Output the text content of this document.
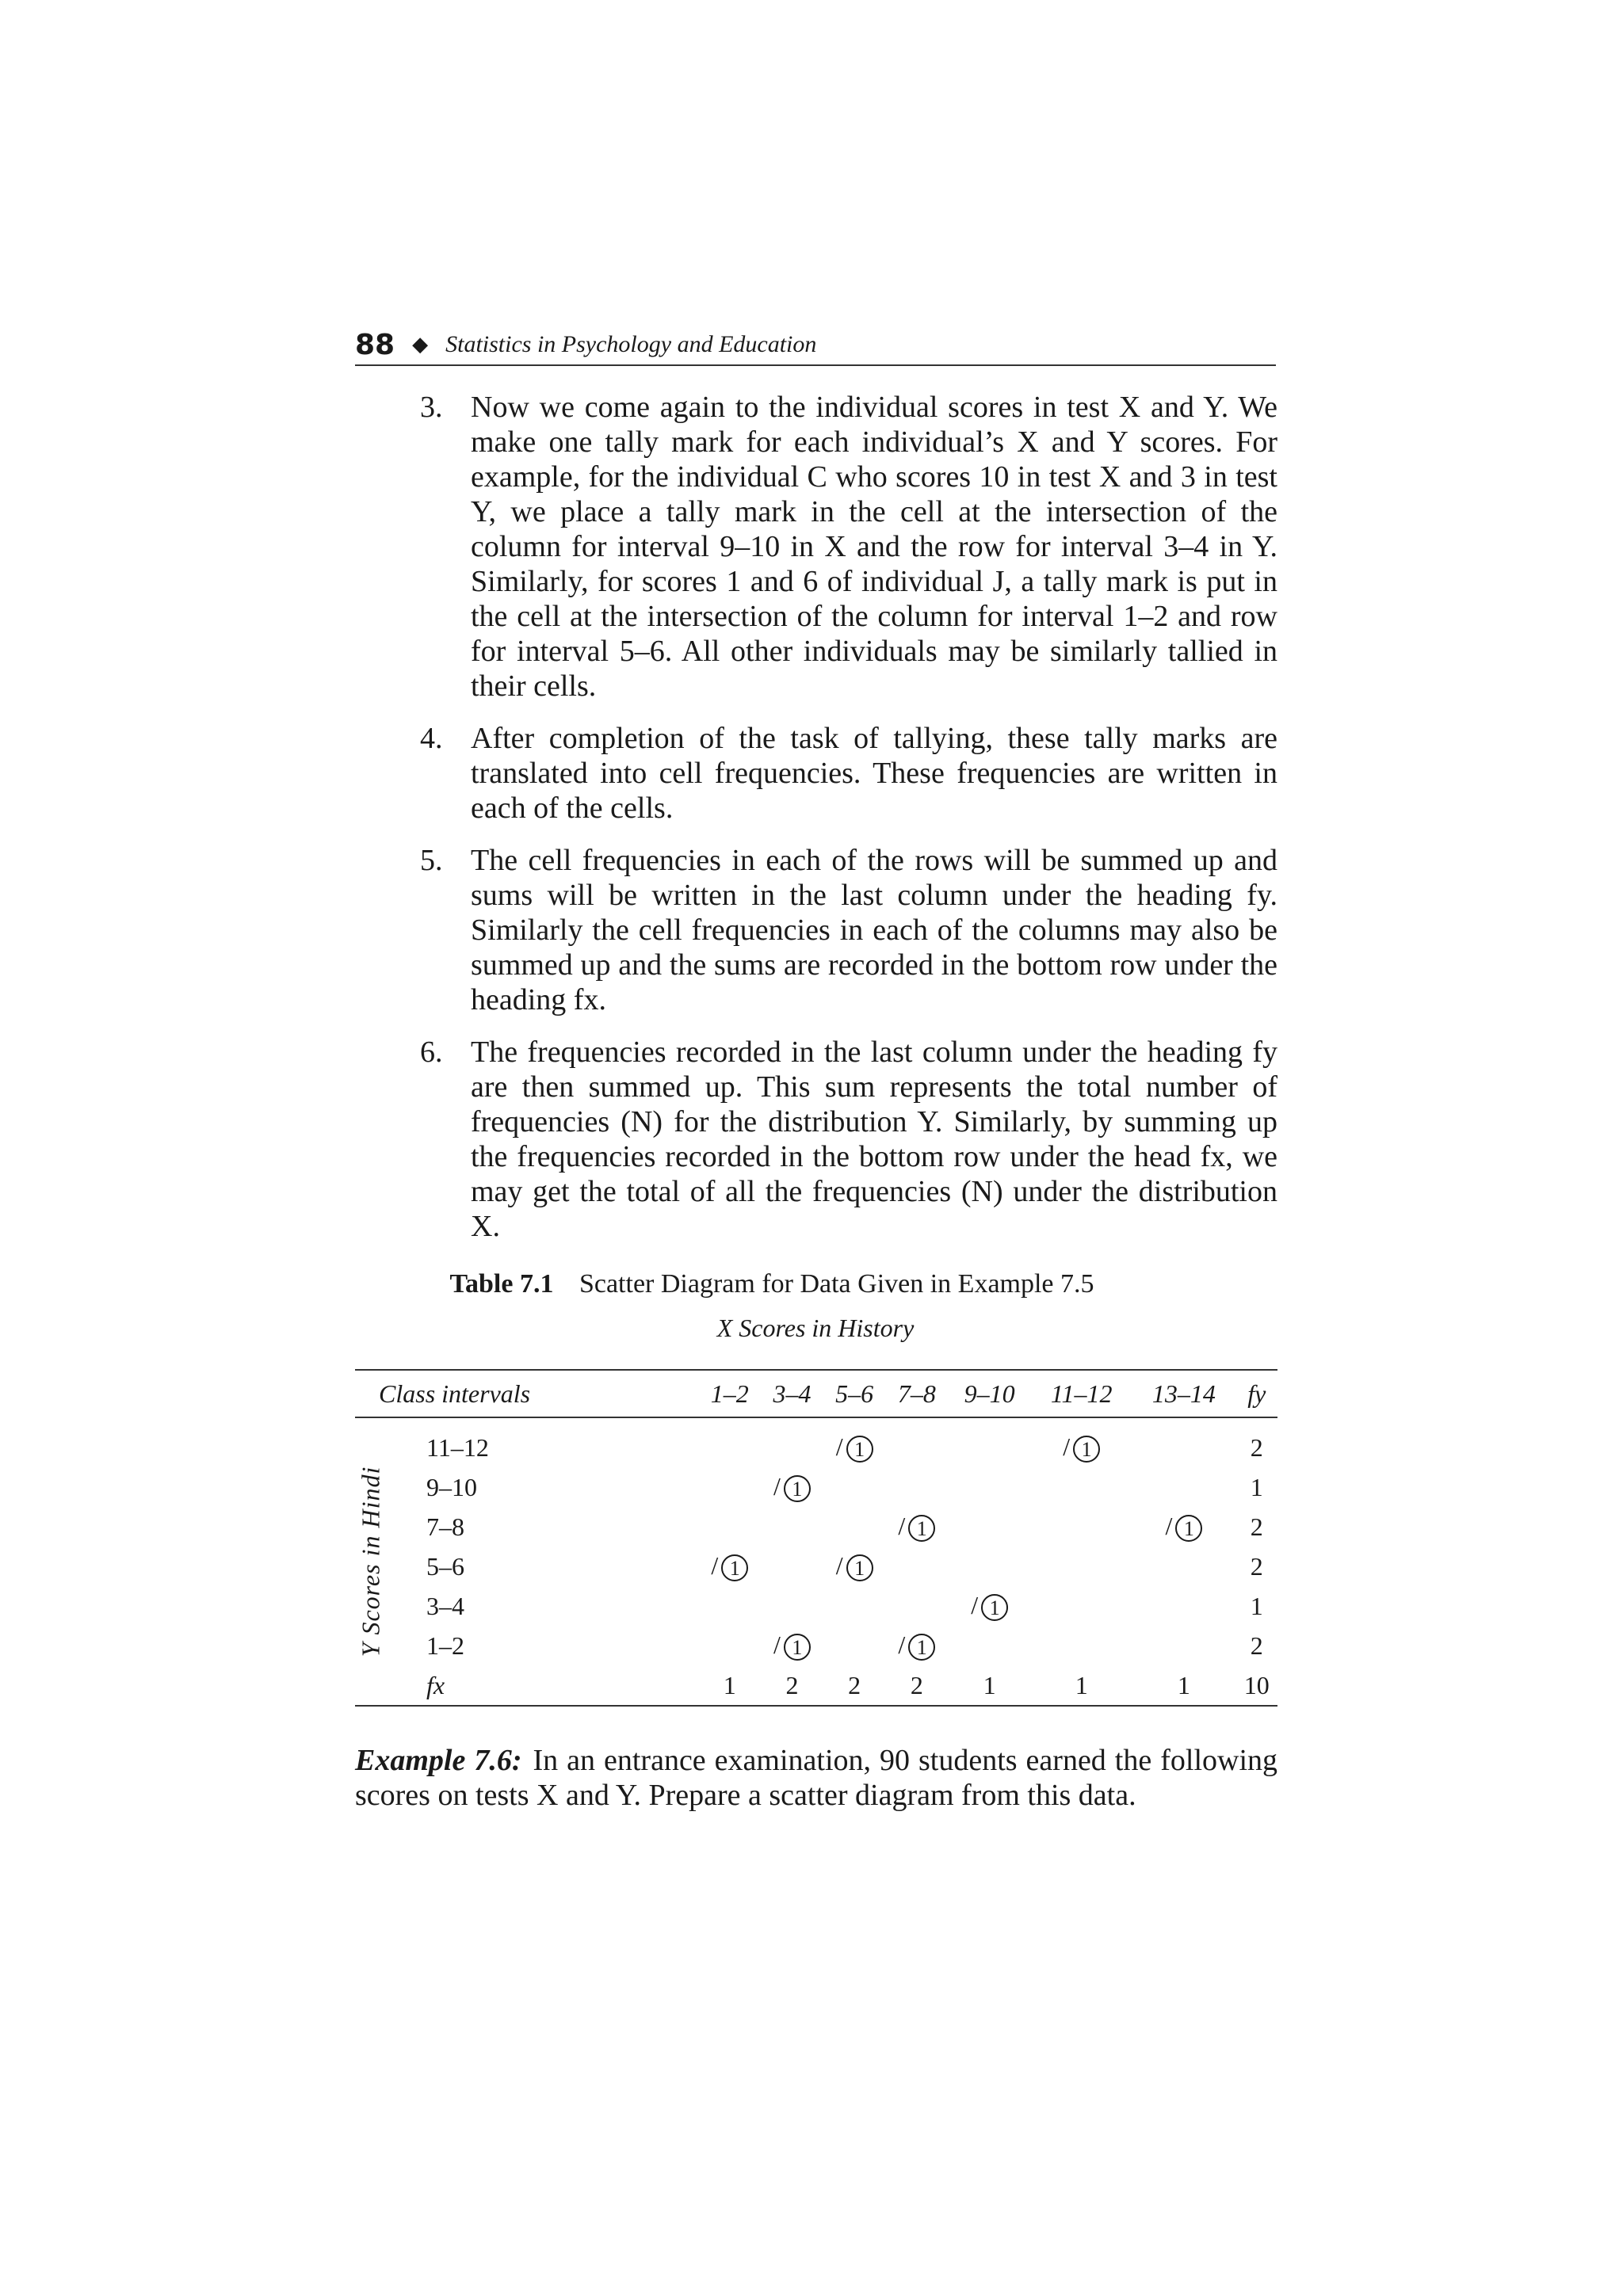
88 ◆ Statistics in Psychology and Education
3. Now we come again to the individual scores in test X and Y. We make one tally mark for each individual’s X and Y scores. For example, for the individual C who scores 10 in test X and 3 in test Y, we place a tally mark in the cell at the intersection of the column for interval 9–10 in X and the row for interval 3–4 in Y. Similarly, for scores 1 and 6 of individual J, a tally mark is put in the cell at the intersection of the column for interval 1–2 and row for interval 5–6. All other individuals may be similarly tallied in their cells.
4. After completion of the task of tallying, these tally marks are translated into cell frequencies. These frequencies are written in each of the cells.
5. The cell frequencies in each of the rows will be summed up and sums will be written in the last column under the heading fy. Similarly the cell frequencies in each of the columns may also be summed up and the sums are recorded in the bottom row under the heading fx.
6. The frequencies recorded in the last column under the heading fy are then summed up. This sum represents the total number of frequencies (N) for the distribution Y. Similarly, by summing up the frequencies recorded in the bottom row under the head fx, we may get the total of all the frequencies (N) under the distribution X.
Table 7.1 Scatter Diagram for Data Given in Example 7.5
X Scores in History
Class intervals		1–2	3–4	5–6	7–8	9–10	11–12	13–14	fy

Y Scores in Hindi	11–12			/ 1			/ 1		2
	9–10		/ 1						1
	7–8				/ 1			/ 1	2
	5–6	/ 1		/ 1					2
	3–4					/ 1			1
	1–2		/ 1		/ 1				2
	fx	1	2	2	2	1	1	1	10
Example 7.6: In an entrance examination, 90 students earned the following scores on tests X and Y. Prepare a scatter diagram from this data.
